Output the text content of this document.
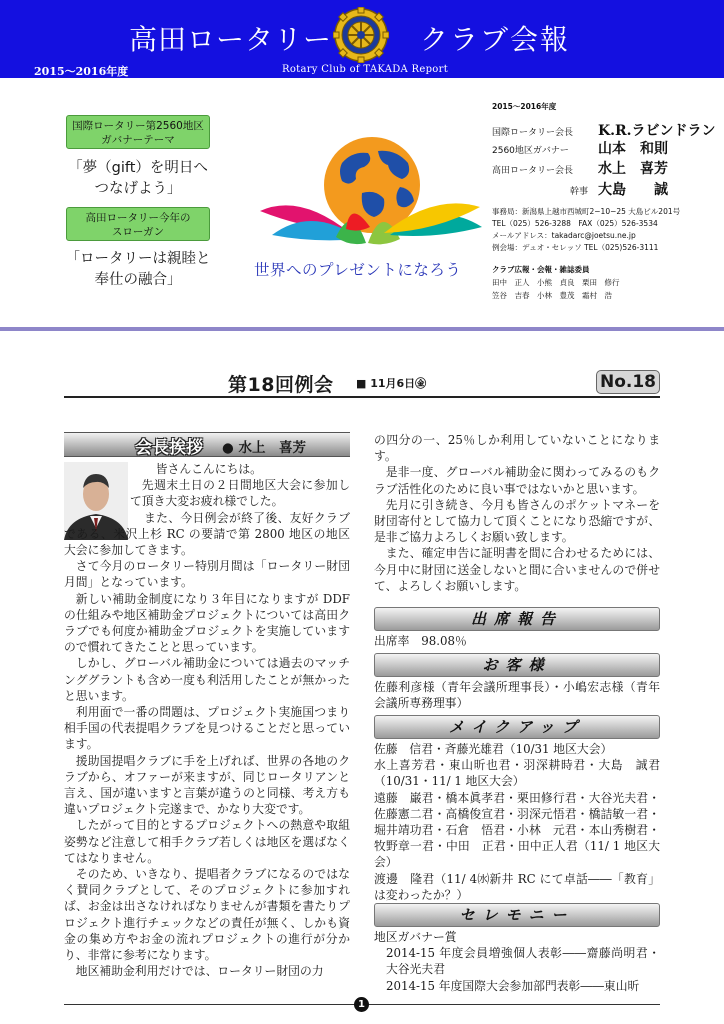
高田ロータリー	クラブ会報
2015～2016年度	Rotary Club of TAKADA Report
国際ロータリー第2560地区
ガバナーテーマ
「夢（gift）を明日へ
つなげよう」
高田ロータリー今年の
スローガン
「ロータリーは親睦と
奉仕の融合」
世界へのプレゼントになろう
2015～2016年度
国際ロータリー会長 K.R.ラビンドラン
2560地区ガバナー 山本　和則
高田ロータリー会長 水上　喜芳
幹事 大島　　誠
事務局：新潟県上越市西城町2−10−25 大島ビル201号
TEL（025）526-3288　FAX（025）526-3534
メールアドレス：takadarc@joetsu.ne.jp
例会場：デュオ・セレッソ TEL（025)526-3111
クラブ広報・会報・雑誌委員
田中　正人　小熊　貞良　栗田　修行
笠谷　吉春　小林　豊茂　霜村　浩
第18回例会 ■ 11月6日㊎	No.18
会長挨拶 ● 水上　喜芳

皆さんこんにちは。

先週末土日の２日間地区大会に参加して頂き大変お疲れ様でした。

また、今日例会が終了後、友好クラブである、米沢上杉 RC の要請で第 2800 地区の地区大会に参加してきます。

さて今月のロータリー特別月間は「ロータリー財団月間」となっています。

新しい補助金制度になり３年目になりますが DDF の仕組みや地区補助金プロジェクトについては高田クラブでも何度か補助金プロジェクトを実施していますので慣れてきたことと思っています。

しかし、グローバル補助金については過去のマッチンググラントも含め一度も利活用したことが無かったと思います。

利用面で一番の問題は、プロジェクト実施国つまり相手国の代表提唱クラブを見つけることだと思っています。

援助国提唱クラブに手を上げれば、世界の各地のクラブから、オファーが来ますが、同じロータリアンと言え、国が違いますと言葉が違うのと同様、考え方も違いプロジェクト完遂まで、かなり大変です。

したがって目的とするプロジェクトへの熱意や取組姿勢など注意して相手クラブ若しくは地区を選ばなくてはなりません。

そのため、いきなり、提唱者クラブになるのではなく賛同クラブとして、そのプロジェクトに参加すれば、お金は出さなければなりませんが書類を書たりプロジェクト進行チェックなどの責任が無く、しかも資金の集め方やお金の流れプロジェクトの進行が分かり、非常に参考になります。

地区補助金利用だけでは、ロータリー財団の力

の四分の一、25％しか利用していないことになります。

是非一度、グローバル補助金に関わってみるのもクラブ活性化のために良い事ではないかと思います。

先月に引き続き、今月も皆さんのポケットマネーを財団寄付として協力して頂くことになり恐縮ですが、是非ご協力よろしくお願い致します。

また、確定申告に証明書を間に合わせるためには、今月中に財団に送金しないと間に合いませんので併せて、よろしくお願いします。

出席報告
出席率　98.08％
お客様
佐藤利彦様（青年会議所理事長）・小嶋宏志様（青年会議所専務理事）
メイクアップ

佐藤　信君・斉藤光雄君（10/31 地区大会）

水上喜芳君・東山昕也君・羽深耕時君・大島　誠君（10/31・11/ 1 地区大会）

遠藤　巌君・橋本眞孝君・栗田修行君・大谷光夫君・佐藤憲二君・高橋俊宣君・羽深元悟君・橋詰敏一君・堀井靖功君・石倉　悟君・小林　元君・本山秀樹君・牧野章一君・中田　正君・田中正人君（11/ 1 地区大会）

渡邊　隆君（11/ 4㈬新井 RC にて卓話――「教育」は変わったか？）

セレモニー

地区ガバナー賞

2014-15 年度会員増強個人表彰――齋藤尚明君・大谷光夫君

2014-15 年度国際大会参加部門表彰――東山昕

1
